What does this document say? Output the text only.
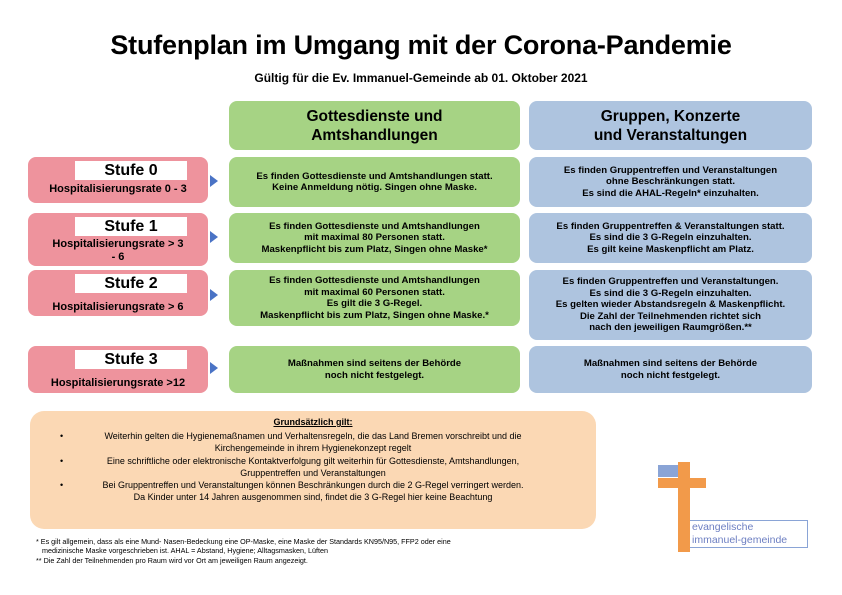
Stufenplan im Umgang mit der Corona-Pandemie
Gültig für die Ev. Immanuel-Gemeinde ab 01. Oktober 2021
Gottesdienste und
Amtshandlungen
Gruppen, Konzerte
und Veranstaltungen
Stufe 0
Hospitalisierungsrate 0 - 3
Es finden Gottesdienste und Amtshandlungen statt.
Keine Anmeldung nötig. Singen ohne Maske.
Es finden Gruppentreffen und Veranstaltungen
ohne Beschränkungen statt.
Es sind die AHAL-Regeln* einzuhalten.
Stufe 1
Hospitalisierungsrate > 3
- 6
Es finden Gottesdienste und Amtshandlungen
mit maximal 80 Personen statt.
Maskenpflicht bis zum Platz, Singen ohne Maske*
Es finden Gruppentreffen & Veranstaltungen statt.
Es sind die 3 G-Regeln einzuhalten.
Es gilt keine Maskenpflicht am Platz.
Stufe 2
Hospitalisierungsrate > 6
Es finden Gottesdienste und Amtshandlungen
mit maximal 60 Personen statt.
Es gilt die 3 G-Regel.
Maskenpflicht bis zum Platz, Singen ohne Maske.*
Es finden Gruppentreffen und Veranstaltungen.
Es sind die 3 G-Regeln einzuhalten.
Es gelten wieder Abstandsregeln & Maskenpflicht.
Die Zahl der Teilnehmenden richtet sich
nach den jeweiligen Raumgrößen.**
Stufe 3
Hospitalisierungsrate >12
Maßnahmen sind seitens der Behörde
noch nicht festgelegt.
Maßnahmen sind seitens der Behörde
noch nicht festgelegt.
Grundsätzlich gilt:
• Weiterhin gelten die Hygienemaßnamen und Verhaltensregeln, die das Land Bremen vorschreibt und die
Kirchengemeinde in ihrem Hygienekonzept regelt
• Eine schriftliche oder elektronische Kontaktverfolgung gilt weiterhin für Gottesdienste, Amtshandlungen,
Gruppentreffen und Veranstaltungen
• Bei Gruppentreffen und Veranstaltungen können Beschränkungen durch die 2 G-Regel verringert werden.
Da Kinder unter 14 Jahren ausgenommen sind, findet die 3 G-Regel hier keine Beachtung
* Es gilt allgemein, dass als eine Mund- Nasen-Bedeckung eine OP-Maske, eine Maske der Standards KN95/N95, FFP2 oder eine
medizinische Maske vorgeschrieben ist. AHAL = Abstand, Hygiene; Alltagsmasken, Lüften
** Die Zahl der Teilnehmenden pro Raum wird vor Ort am jeweiligen Raum angezeigt.
evangelische
immanuel-gemeinde
